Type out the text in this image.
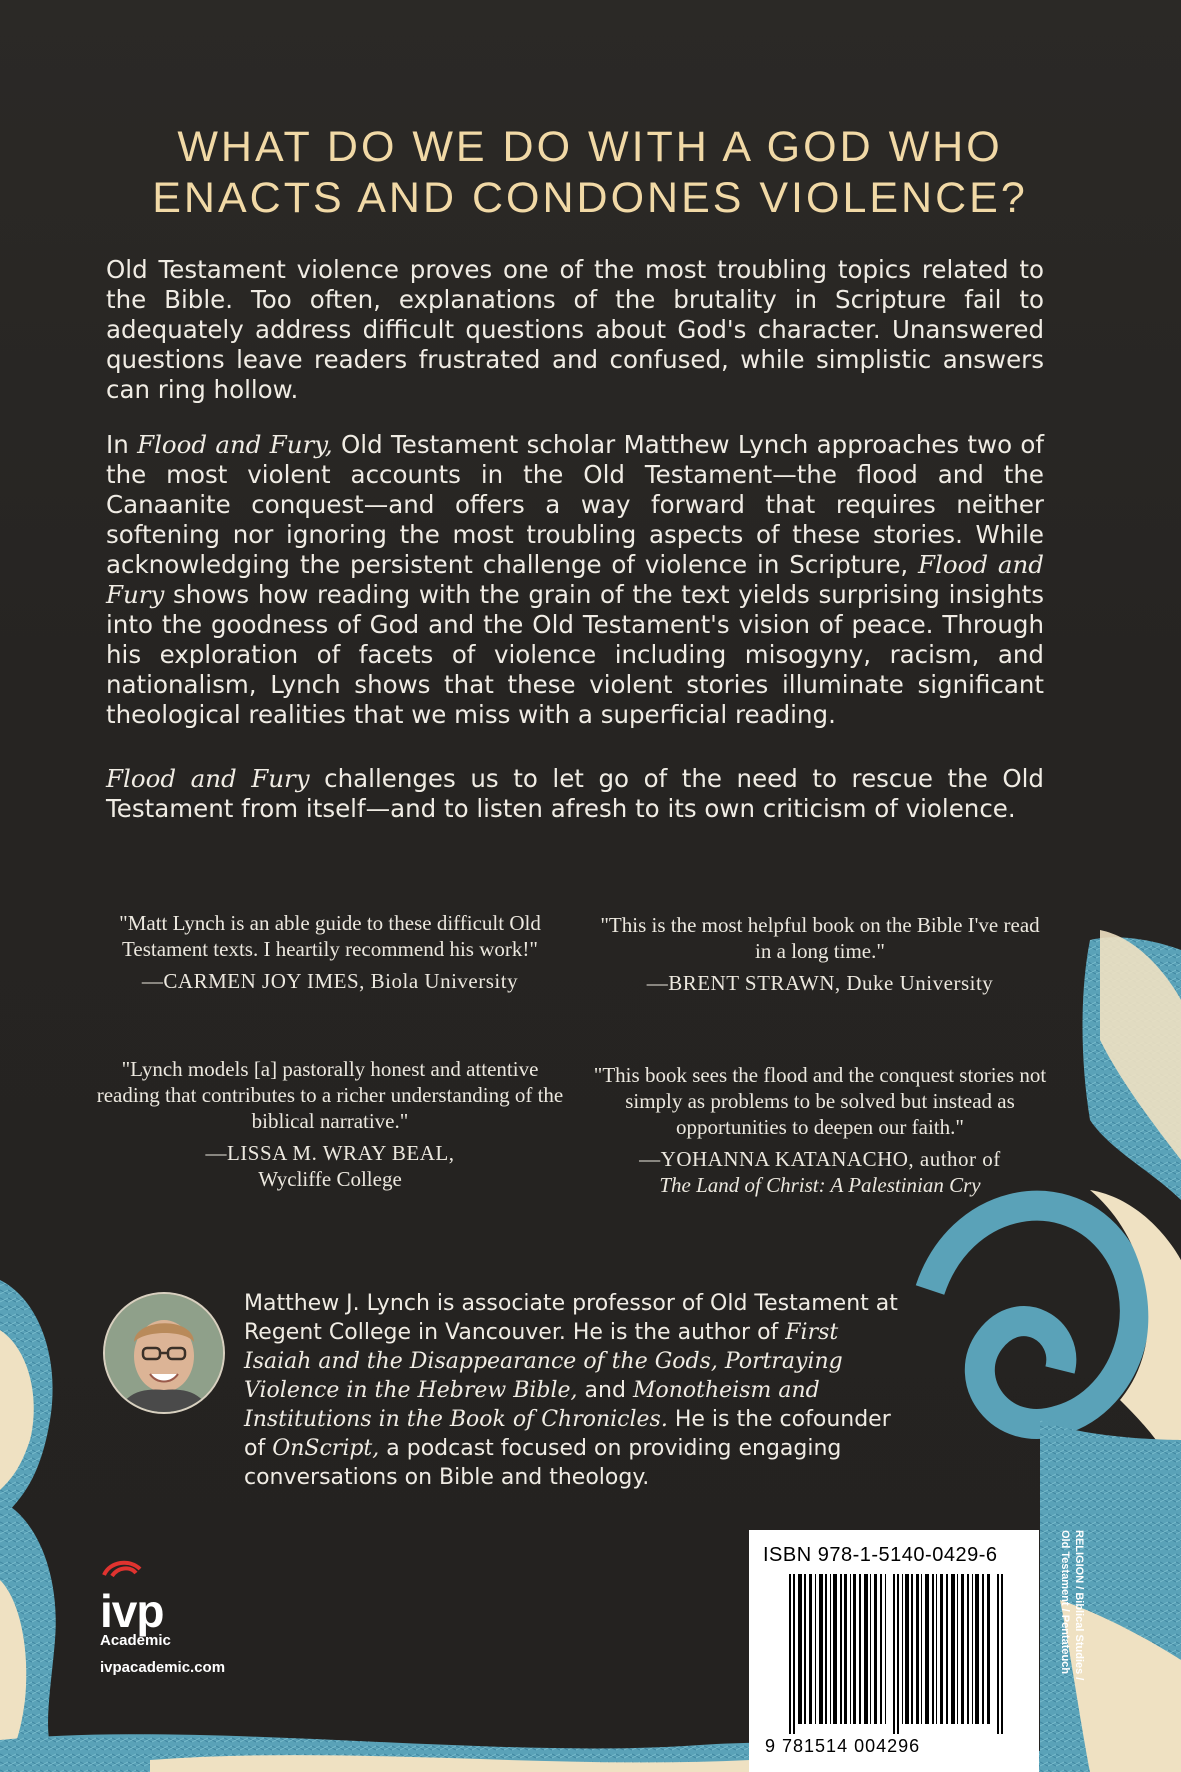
WHAT DO WE DO WITH A GOD WHO
ENACTS AND CONDONES VIOLENCE?

Old Testament violence proves one of the most troubling topics related to the Bible. Too often, explanations of the brutality in Scripture fail to adequately address difficult questions about God's character. Unanswered questions leave readers frustrated and confused, while simplistic answers can ring hollow.

In Flood and Fury, Old Testament scholar Matthew Lynch approaches two of the most violent accounts in the Old Testament—the flood and the Canaanite conquest—and offers a way forward that requires neither softening nor ignoring the most troubling aspects of these stories. While acknowledging the persistent challenge of violence in Scripture, Flood and Fury shows how reading with the grain of the text yields surprising insights into the goodness of God and the Old Testament's vision of peace. Through his exploration of facets of violence including misogyny, racism, and nationalism, Lynch shows that these violent stories illuminate significant theological realities that we miss with a superficial reading.

Flood and Fury challenges us to let go of the need to rescue the Old Testament from itself—and to listen afresh to its own criticism of violence.

"Matt Lynch is an able guide to these difficult Old Testament texts. I heartily recommend his work!"

—CARMEN JOY IMES, Biola University

"This is the most helpful book on the Bible I've read in a long time."

—BRENT STRAWN, Duke University

"Lynch models [a] pastorally honest and attentive reading that contributes to a richer understanding of the biblical narrative."

—LISSA M. WRAY BEAL,

Wycliffe College

"This book sees the flood and the conquest stories not simply as problems to be solved but instead as opportunities to deepen our faith."

—YOHANNA KATANACHO, author of

The Land of Christ: A Palestinian Cry

Matthew J. Lynch is associate professor of Old Testament at Regent College in Vancouver. He is the author of First Isaiah and the Disappearance of the Gods, Portraying Violence in the Hebrew Bible, and Monotheism and Institutions in the Book of Chronicles. He is the cofounder of OnScript, a podcast focused on providing engaging conversations on Bible and theology.

ivp
Academic
ivpacademic.com
ISBN 978-1-5140-0429-6
9 781514 004296
RELIGION / Biblical Studies /
Old Testament / Pentateuch
